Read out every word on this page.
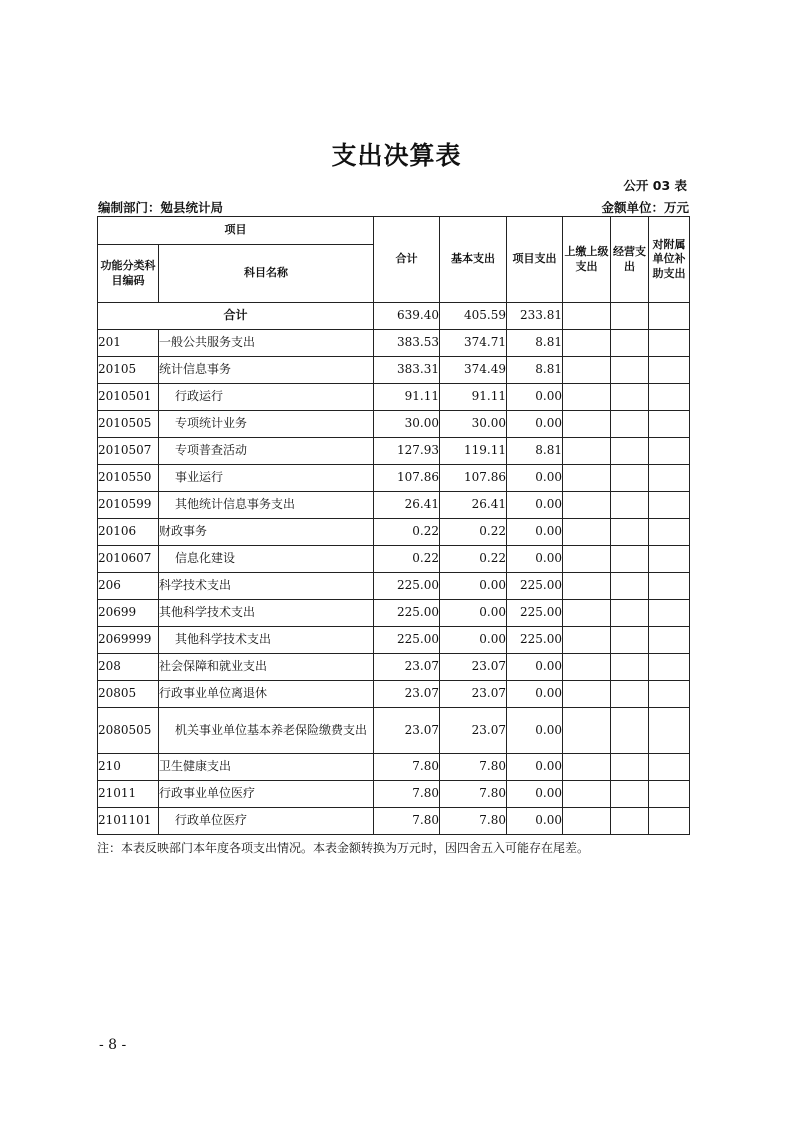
支出决算表
公开 03 表
编制部门：勉县统计局	金额单位：万元
项目		合计	基本支出	项目支出	上缴上级支出	经营支出	对附属单位补助支出
功能分类科目编码	科目名称						
合计		639.40	405.59	233.81			
201	一般公共服务支出	383.53	374.71	8.81			
20105	统计信息事务	383.31	374.49	8.81			
2010501	行政运行	91.11	91.11	0.00			
2010505	专项统计业务	30.00	30.00	0.00			
2010507	专项普查活动	127.93	119.11	8.81			
2010550	事业运行	107.86	107.86	0.00			
2010599	其他统计信息事务支出	26.41	26.41	0.00			
20106	财政事务	0.22	0.22	0.00			
2010607	信息化建设	0.22	0.22	0.00			
206	科学技术支出	225.00	0.00	225.00			
20699	其他科学技术支出	225.00	0.00	225.00			
2069999	其他科学技术支出	225.00	0.00	225.00			
208	社会保障和就业支出	23.07	23.07	0.00			
20805	行政事业单位离退休	23.07	23.07	0.00			
2080505	机关事业单位基本养老保险缴费支出	23.07	23.07	0.00			
210	卫生健康支出	7.80	7.80	0.00			
21011	行政事业单位医疗	7.80	7.80	0.00			
2101101	行政单位医疗	7.80	7.80	0.00			
注：本表反映部门本年度各项支出情况。本表金额转换为万元时，因四舍五入可能存在尾差。
- 8 -
